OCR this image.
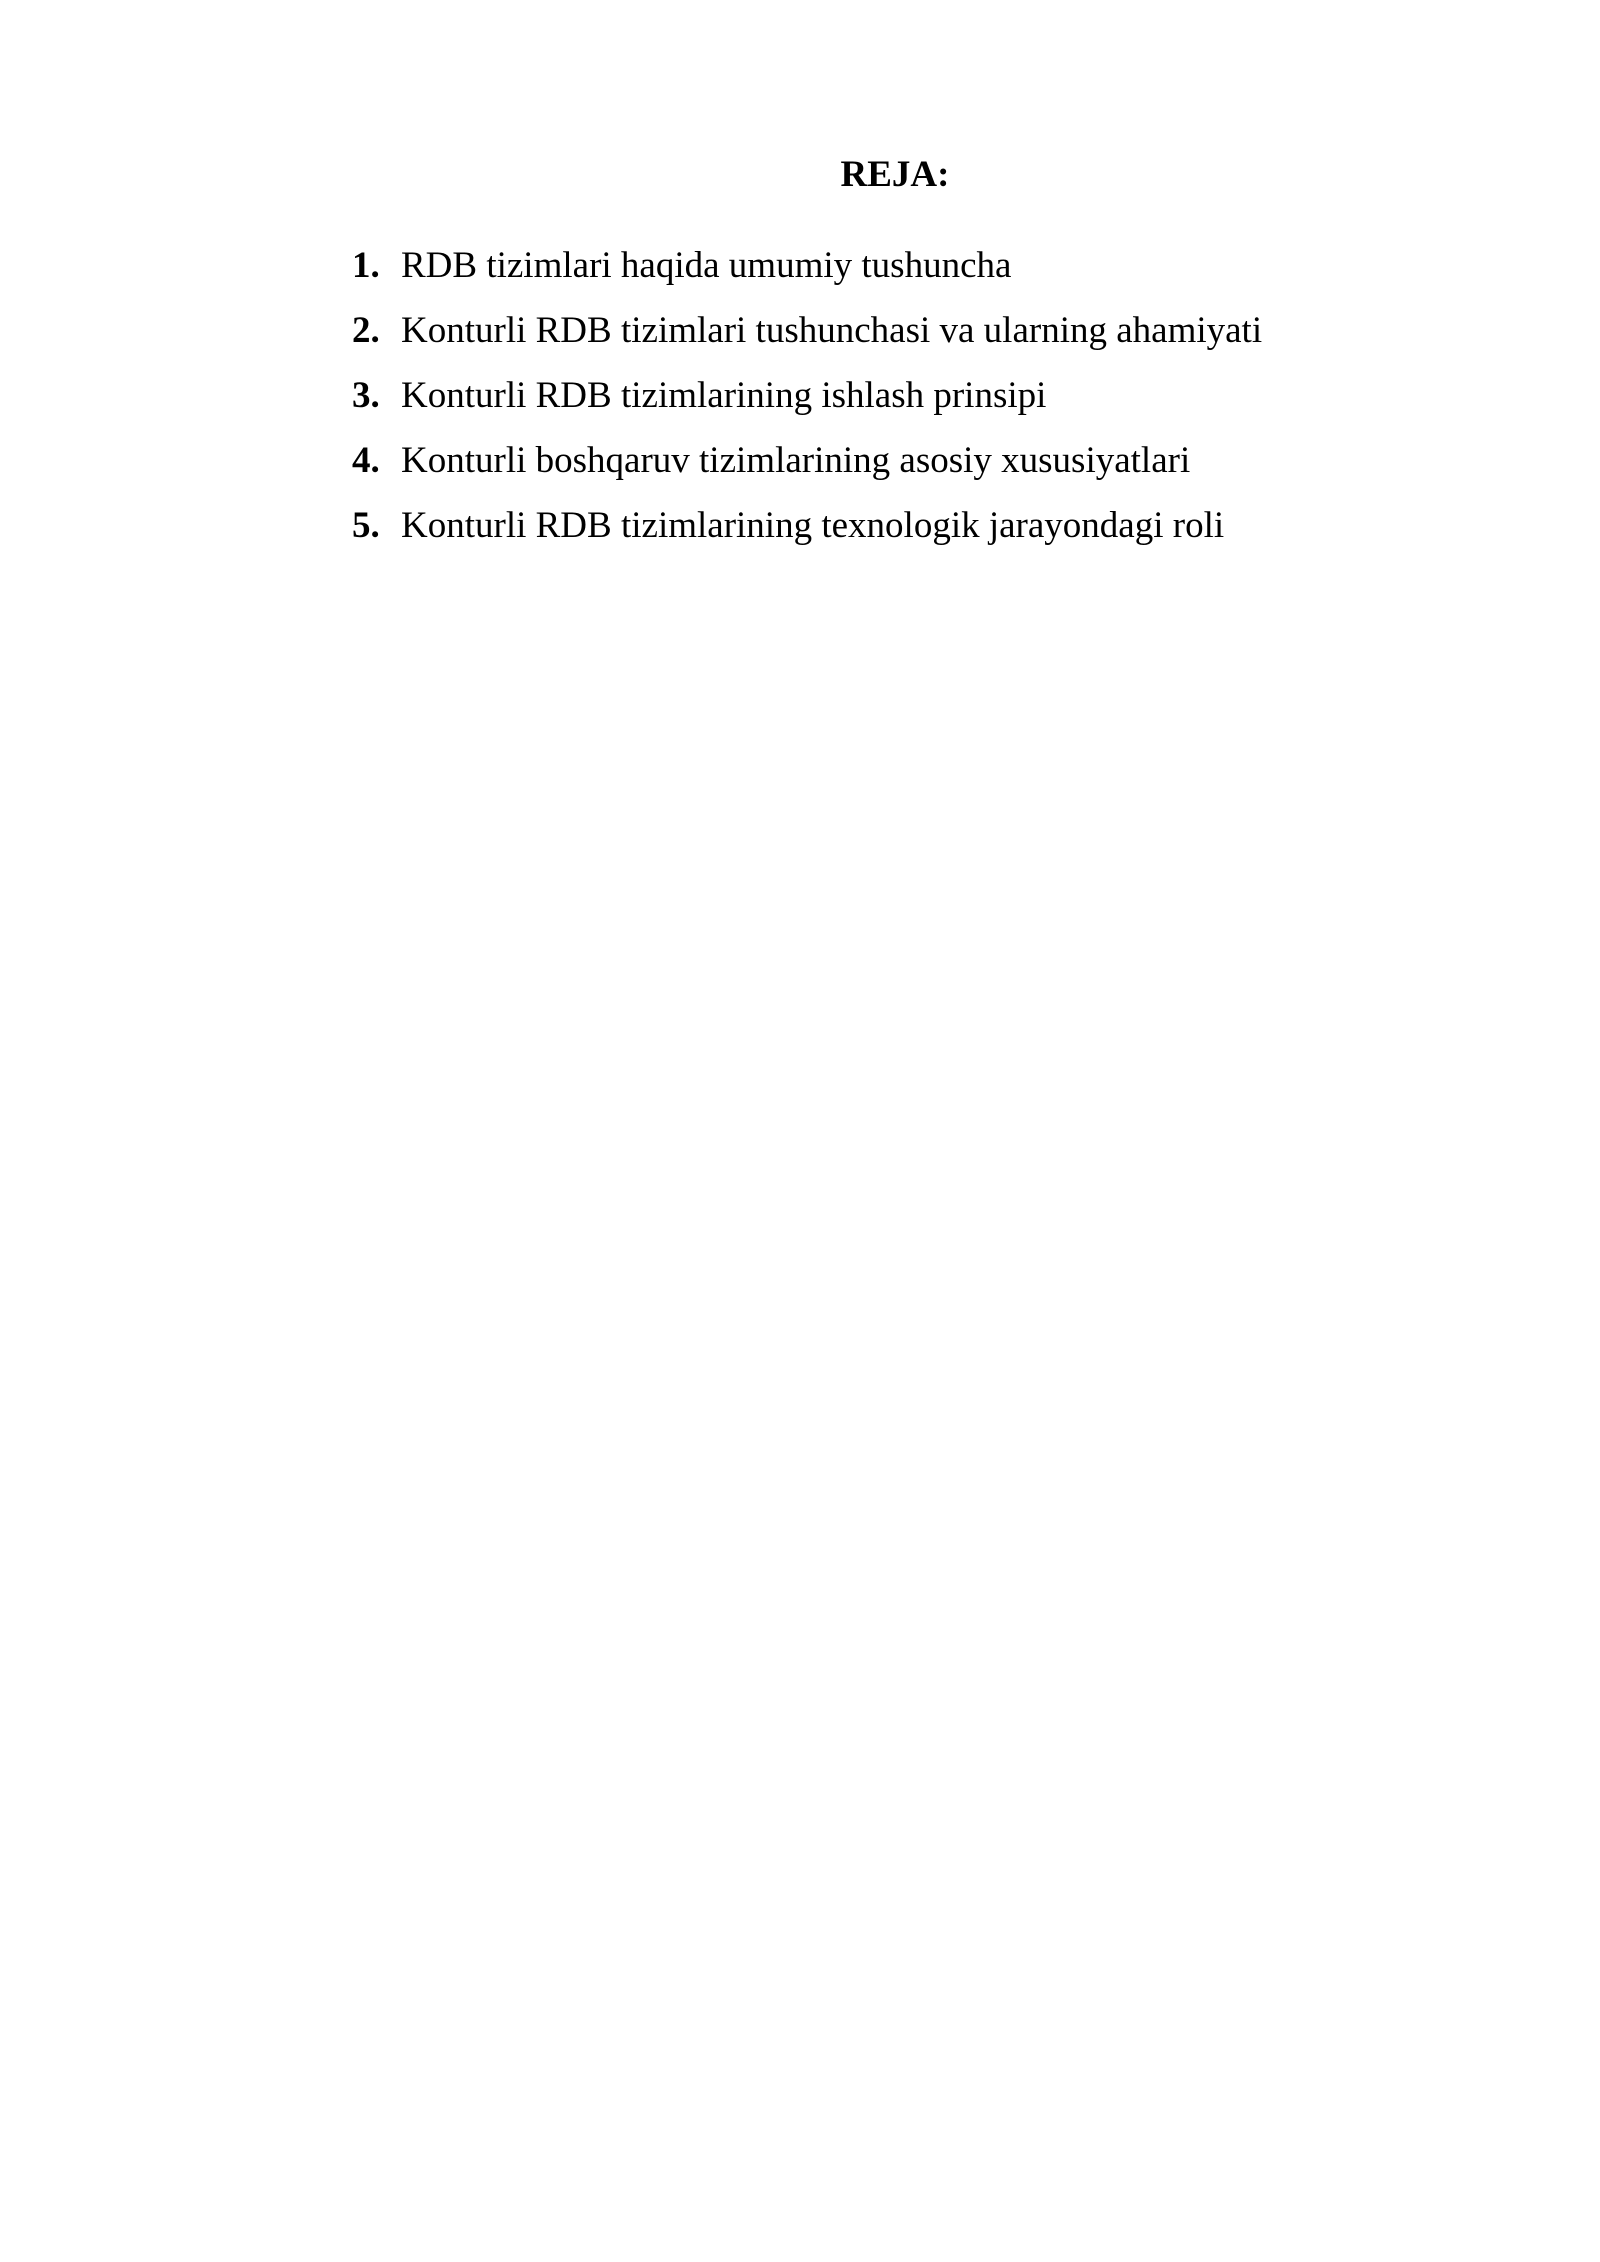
REJA:
1. RDB tizimlari haqida umumiy tushuncha
2. Konturli RDB tizimlari tushunchasi va ularning ahamiyati
3. Konturli RDB tizimlarining ishlash prinsipi
4. Konturli boshqaruv tizimlarining asosiy xususiyatlari
5. Konturli RDB tizimlarining texnologik jarayondagi roli
